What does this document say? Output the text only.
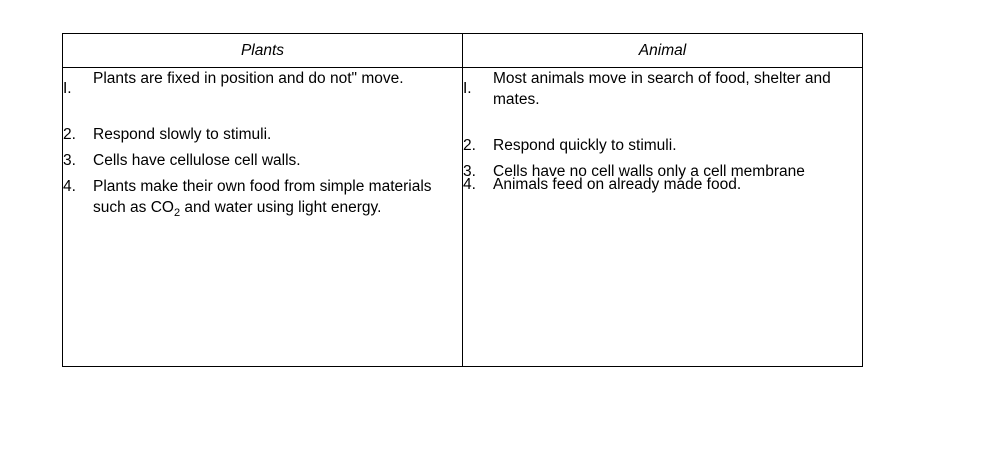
Plants	Animal

I.
Plants are fixed in position and do not" move.
2.	Respond slowly to stimuli.
3.	Cells have cellulose cell walls.
4.	Plants make their own food from simple materials such as $CO_2$ and water using light energy.

I.
Most animals move in search of food, shelter and mates.
2.	Respond quickly to stimuli.
3.	Cells have no cell walls only a cell membrane
4.	Animals feed on already made food.
